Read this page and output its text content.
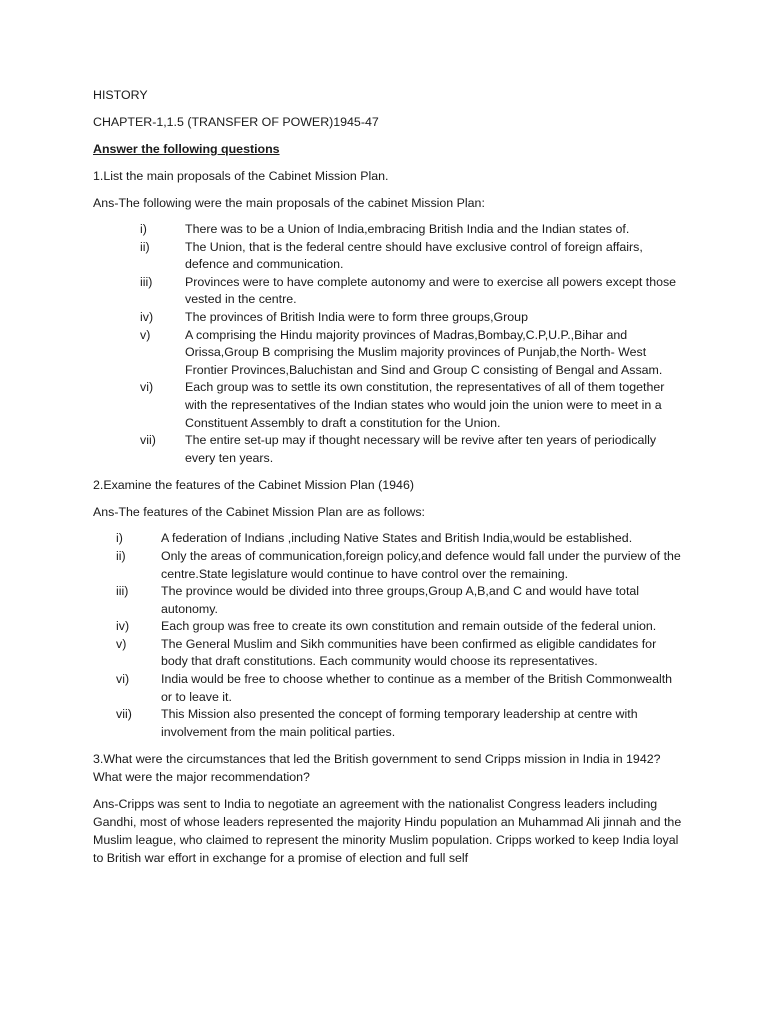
HISTORY

CHAPTER-1,1.5 (TRANSFER OF POWER)1945-47

Answer the following questions

1.List the main proposals of the Cabinet Mission Plan.

Ans-The following were the main proposals of the cabinet Mission Plan:

i)	There was to be a Union of India,embracing British India and the Indian states of.
ii)	The Union, that is the federal centre should have exclusive control of foreign affairs, defence and communication.
iii)	Provinces were to have complete autonomy and were to exercise all powers except those vested in the centre.
iv)	The provinces of British India were to form three groups,Group
v)	A comprising the Hindu majority provinces of Madras,Bombay,C.P,U.P.,Bihar and Orissa,Group B comprising the Muslim majority provinces of Punjab,the North- West Frontier Provinces,Baluchistan and Sind and Group C consisting of Bengal and Assam.
vi)	Each group was to settle its own constitution, the representatives of all of them together with the representatives of the Indian states who would join the union were to meet in a Constituent Assembly to draft a constitution for the Union.
vii)	The entire set-up may if thought necessary will be revive after ten years of periodically every ten years.

2.Examine the features of the Cabinet Mission Plan (1946)

Ans-The features of the Cabinet Mission Plan are as follows:

i)	A federation of Indians ,including Native States and British India,would be established.
ii)	Only the areas of communication,foreign policy,and defence would fall under the purview of the centre.State legislature would continue to have control over the remaining.
iii)	The province would be divided into three groups,Group A,B,and C and would have total autonomy.
iv)	Each group was free to create its own constitution and remain outside of the federal union.
v)	The General Muslim and Sikh communities have been confirmed as eligible candidates for body that draft constitutions. Each community would choose its representatives.
vi)	India would be free to choose whether to continue as a member of the British Commonwealth or to leave it.
vii)	This Mission also presented the concept of forming temporary leadership at centre with involvement from the main political parties.

3.What were the circumstances that led the British government to send Cripps mission in India in 1942? What were the major recommendation?

Ans-Cripps was sent to India to negotiate an agreement with the nationalist Congress leaders including Gandhi, most of whose leaders represented the majority Hindu population an Muhammad Ali jinnah and the Muslim league, who claimed to represent the minority Muslim population. Cripps worked to keep India loyal to British war effort in exchange for a promise of election and full self
